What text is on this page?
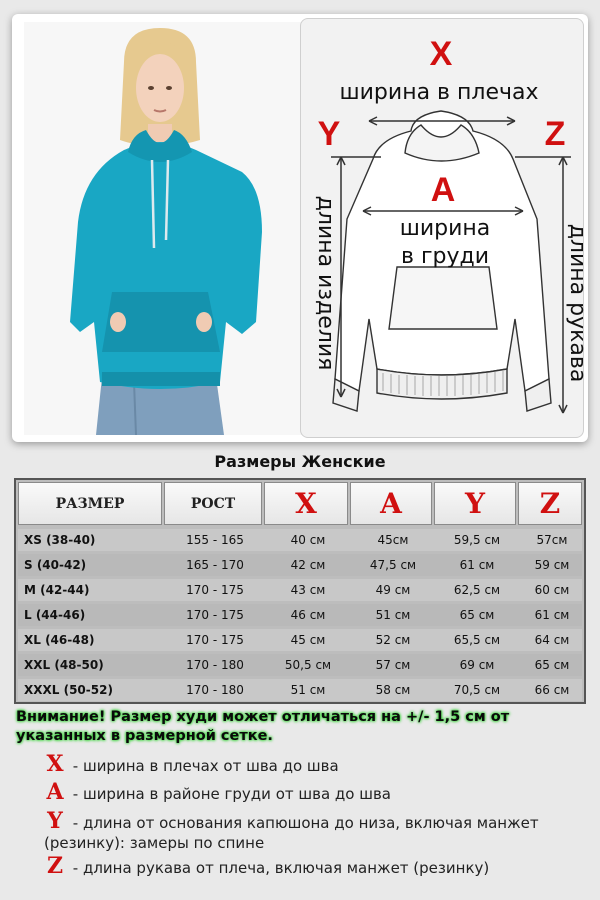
X
ширина в плечах
Y	Z
A
ширина
в груди
длина изделия	длина рукава
Размеры Женские
РАЗМЕР	РОСТ	X	A	Y	Z
XS (38-40)	155 - 165	40 см	45см	59,5 см	57см
S (40-42)	165 - 170	42 см	47,5 см	61 см	59 см
M (42-44)	170 - 175	43 см	49 см	62,5 см	60 см
L (44-46)	170 - 175	46 см	51 см	65 см	61 см
XL (46-48)	170 - 175	45 см	52 см	65,5 см	64 см
XXL (48-50)	170 - 180	50,5 см	57 см	69 см	65 см
XXXL (50-52)	170 - 180	51 см	58 см	70,5 см	66 см
Внимание! Размер худи может отличаться на +/- 1,5 см от указанных в размерной сетке.
X - ширина в плечах от шва до шва
A - ширина в районе груди от шва до шва
Y - длина от основания капюшона до низа, включая манжет
(резинку): замеры по спине
Z - длина рукава от плеча, включая манжет (резинку)
